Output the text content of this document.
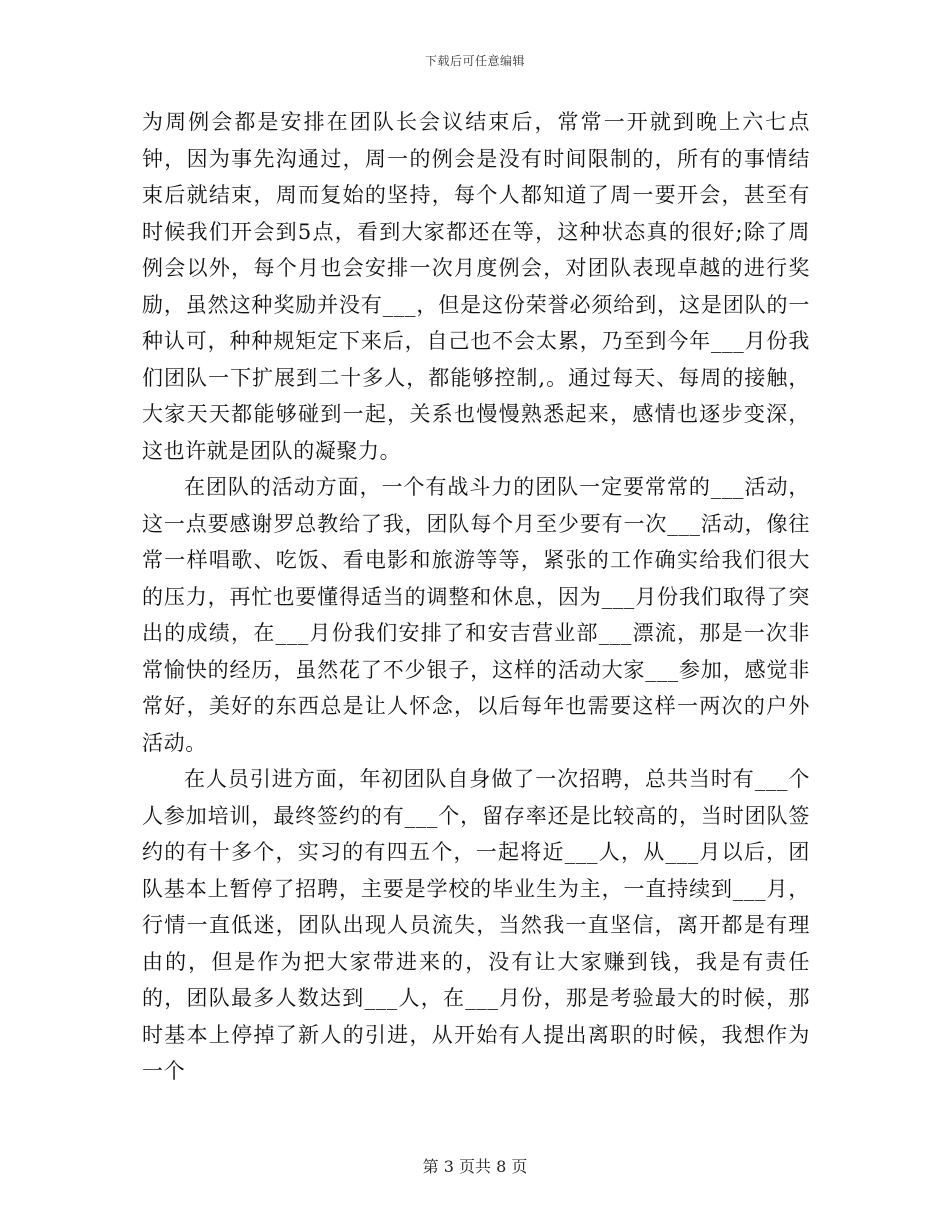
下载后可任意编辑

为周例会都是安排在团队长会议结束后，常常一开就到晚上六七点钟，因为事先沟通过，周一的例会是没有时间限制的，所有的事情结束后就结束，周而复始的坚持，每个人都知道了周一要开会，甚至有时候我们开会到5点，看到大家都还在等，这种状态真的很好;除了周例会以外，每个月也会安排一次月度例会，对团队表现卓越的进行奖励，虽然这种奖励并没有___，但是这份荣誉必须给到，这是团队的一种认可，种种规矩定下来后，自己也不会太累，乃至到今年___月份我们团队一下扩展到二十多人，都能够控制,。通过每天、每周的接触，大家天天都能够碰到一起，关系也慢慢熟悉起来，感情也逐步变深，这也许就是团队的凝聚力。

在团队的活动方面，一个有战斗力的团队一定要常常的___活动，这一点要感谢罗总教给了我，团队每个月至少要有一次___活动，像往常一样唱歌、吃饭、看电影和旅游等等，紧张的工作确实给我们很大的压力，再忙也要懂得适当的调整和休息，因为___月份我们取得了突出的成绩，在___月份我们安排了和安吉营业部___漂流，那是一次非常愉快的经历，虽然花了不少银子，这样的活动大家___参加，感觉非常好，美好的东西总是让人怀念，以后每年也需要这样一两次的户外活动。

在人员引进方面，年初团队自身做了一次招聘，总共当时有___个人参加培训，最终签约的有___个，留存率还是比较高的，当时团队签约的有十多个，实习的有四五个，一起将近___人，从___月以后，团队基本上暂停了招聘，主要是学校的毕业生为主，一直持续到___月，行情一直低迷，团队出现人员流失，当然我一直坚信，离开都是有理由的，但是作为把大家带进来的，没有让大家赚到钱，我是有责任的，团队最多人数达到___人，在___月份，那是考验最大的时候，那时基本上停掉了新人的引进，从开始有人提出离职的时候，我想作为一个

第 3 页共 8 页
